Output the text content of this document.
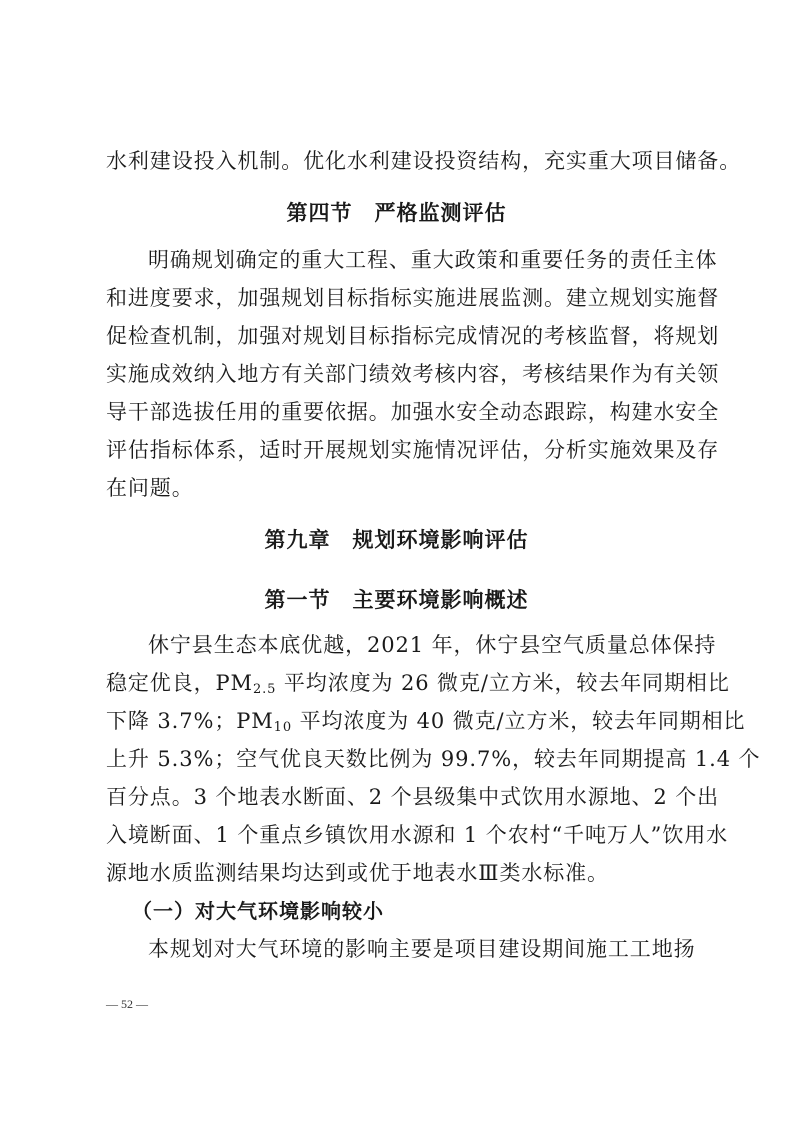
水利建设投入机制。优化水利建设投资结构，充实重大项目储备。
第四节　严格监测评估
明确规划确定的重大工程、重大政策和重要任务的责任主体
和进度要求，加强规划目标指标实施进展监测。建立规划实施督
促检查机制，加强对规划目标指标完成情况的考核监督，将规划
实施成效纳入地方有关部门绩效考核内容，考核结果作为有关领
导干部选拔任用的重要依据。加强水安全动态跟踪，构建水安全
评估指标体系，适时开展规划实施情况评估，分析实施效果及存
在问题。
第九章　规划环境影响评估
第一节　主要环境影响概述
休宁县生态本底优越，2021 年，休宁县空气质量总体保持
稳定优良，$PM_{2.5}$ 平均浓度为 26 微克/立方米，较去年同期相比
下降 3.7%；$PM_{10}$ 平均浓度为 40 微克/立方米，较去年同期相比
上升 5.3%；空气优良天数比例为 99.7%，较去年同期提高 1.4 个
百分点。3 个地表水断面、2 个县级集中式饮用水源地、2 个出
入境断面、1 个重点乡镇饮用水源和 1 个农村“千吨万人”饮用水
源地水质监测结果均达到或优于地表水Ⅲ类水标准。
（一）对大气环境影响较小
本规划对大气环境的影响主要是项目建设期间施工工地扬
— 52 —
